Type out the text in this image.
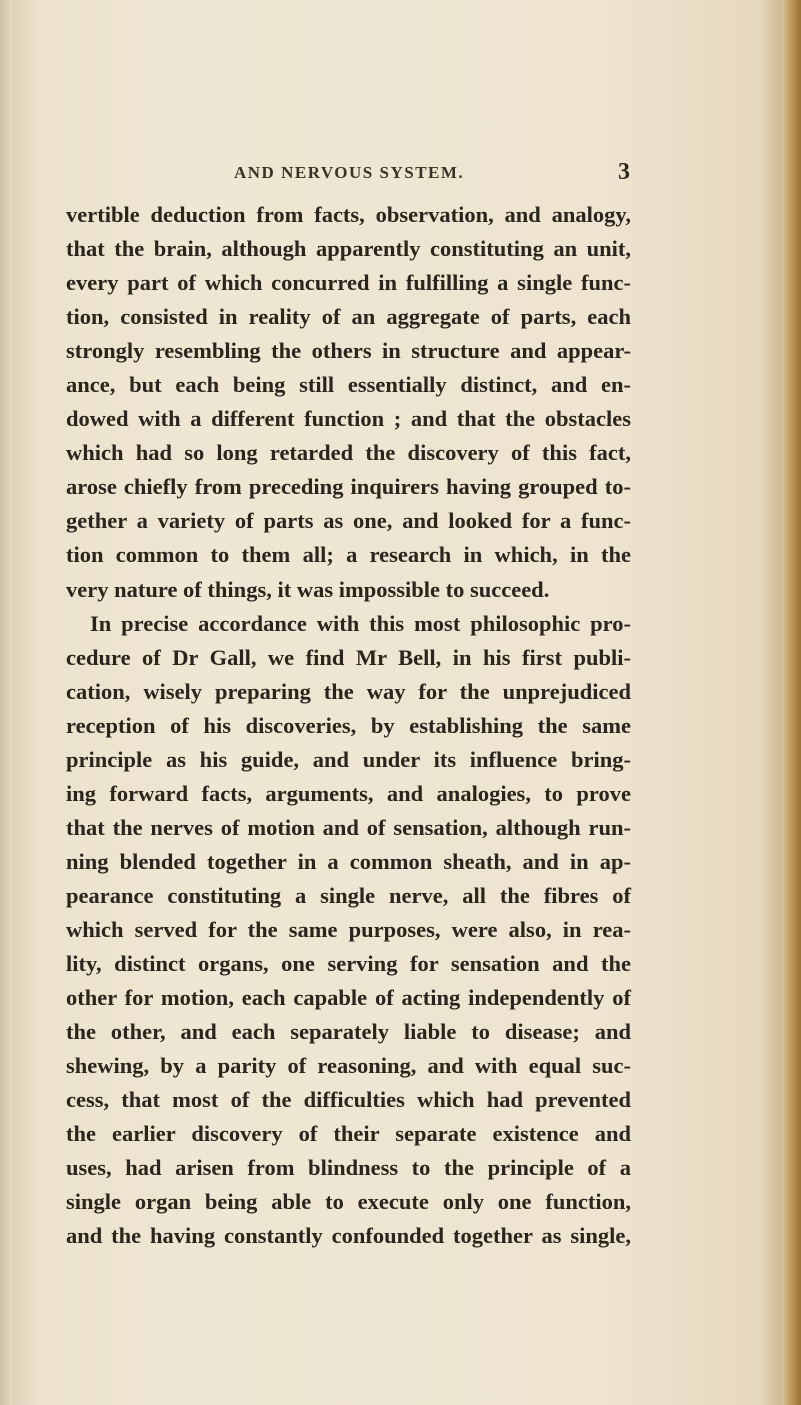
AND NERVOUS SYSTEM.	3
vertible deduction from facts, observation, and analogy,
that the brain, although apparently constituting an unit,
every part of which concurred in fulfilling a single func-
tion, consisted in reality of an aggregate of parts, each
strongly resembling the others in structure and appear-
ance, but each being still essentially distinct, and en-
dowed with a different function ; and that the obstacles
which had so long retarded the discovery of this fact,
arose chiefly from preceding inquirers having grouped to-
gether a variety of parts as one, and looked for a func-
tion common to them all; a research in which, in the
very nature of things, it was impossible to succeed.
In precise accordance with this most philosophic pro-
cedure of Dr Gall, we find Mr Bell, in his first publi-
cation, wisely preparing the way for the unprejudiced
reception of his discoveries, by establishing the same
principle as his guide, and under its influence bring-
ing forward facts, arguments, and analogies, to prove
that the nerves of motion and of sensation, although run-
ning blended together in a common sheath, and in ap-
pearance constituting a single nerve, all the fibres of
which served for the same purposes, were also, in rea-
lity, distinct organs, one serving for sensation and the
other for motion, each capable of acting independently of
the other, and each separately liable to disease; and
shewing, by a parity of reasoning, and with equal suc-
cess, that most of the difficulties which had prevented
the earlier discovery of their separate existence and
uses, had arisen from blindness to the principle of a
single organ being able to execute only one function,
and the having constantly confounded together as single,
